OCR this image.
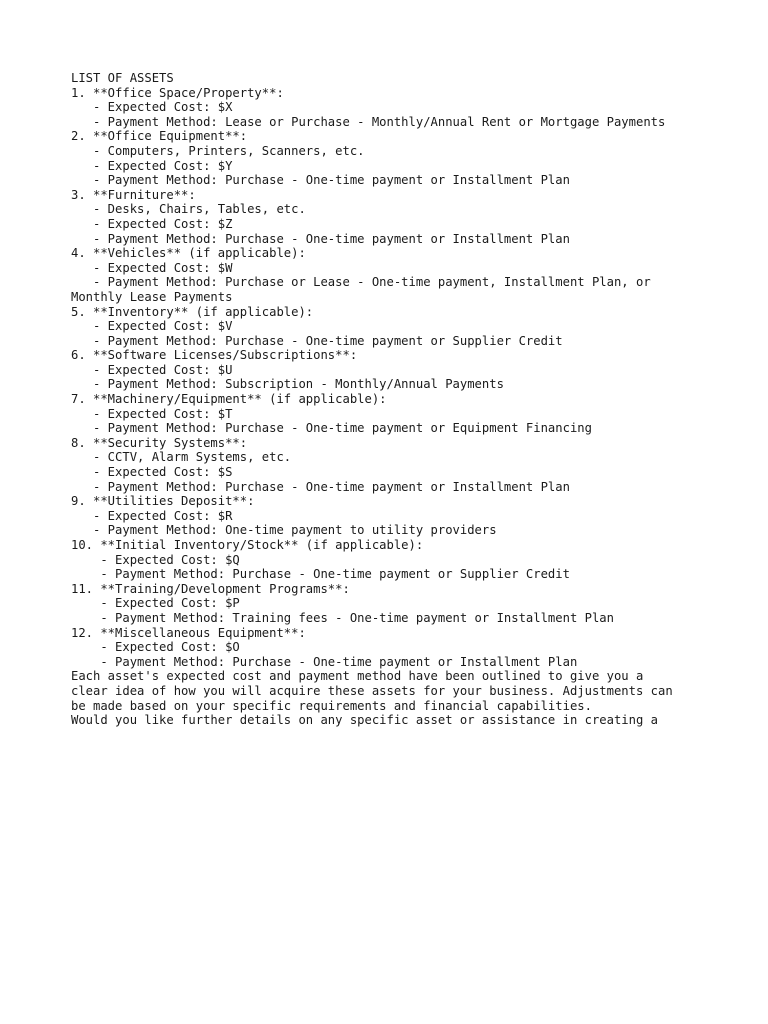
LIST OF ASSETS
1. **Office Space/Property**:
- Expected Cost: $X
- Payment Method: Lease or Purchase - Monthly/Annual Rent or Mortgage Payments
2. **Office Equipment**:
- Computers, Printers, Scanners, etc.
- Expected Cost: $Y
- Payment Method: Purchase - One-time payment or Installment Plan
3. **Furniture**:
- Desks, Chairs, Tables, etc.
- Expected Cost: $Z
- Payment Method: Purchase - One-time payment or Installment Plan
4. **Vehicles** (if applicable):
- Expected Cost: $W
- Payment Method: Purchase or Lease - One-time payment, Installment Plan, or
Monthly Lease Payments
5. **Inventory** (if applicable):
- Expected Cost: $V
- Payment Method: Purchase - One-time payment or Supplier Credit
6. **Software Licenses/Subscriptions**:
- Expected Cost: $U
- Payment Method: Subscription - Monthly/Annual Payments
7. **Machinery/Equipment** (if applicable):
- Expected Cost: $T
- Payment Method: Purchase - One-time payment or Equipment Financing
8. **Security Systems**:
- CCTV, Alarm Systems, etc.
- Expected Cost: $S
- Payment Method: Purchase - One-time payment or Installment Plan
9. **Utilities Deposit**:
- Expected Cost: $R
- Payment Method: One-time payment to utility providers
10. **Initial Inventory/Stock** (if applicable):
- Expected Cost: $Q
- Payment Method: Purchase - One-time payment or Supplier Credit
11. **Training/Development Programs**:
- Expected Cost: $P
- Payment Method: Training fees - One-time payment or Installment Plan
12. **Miscellaneous Equipment**:
- Expected Cost: $O
- Payment Method: Purchase - One-time payment or Installment Plan
Each asset's expected cost and payment method have been outlined to give you a
clear idea of how you will acquire these assets for your business. Adjustments can
be made based on your specific requirements and financial capabilities.
Would you like further details on any specific asset or assistance in creating a
